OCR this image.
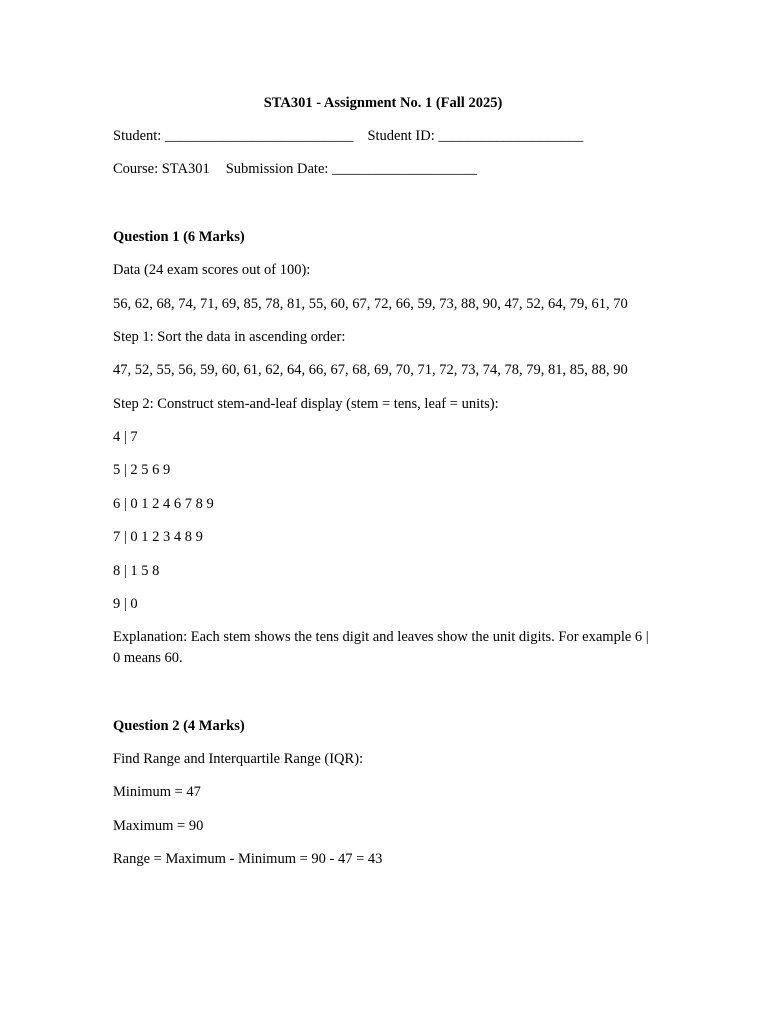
STA301 - Assignment No. 1 (Fall 2025)
Student: __________________________ Student ID: ____________________
Course: STA301 Submission Date: ____________________
Question 1 (6 Marks)
Data (24 exam scores out of 100):
56, 62, 68, 74, 71, 69, 85, 78, 81, 55, 60, 67, 72, 66, 59, 73, 88, 90, 47, 52, 64, 79, 61, 70
Step 1: Sort the data in ascending order:
47, 52, 55, 56, 59, 60, 61, 62, 64, 66, 67, 68, 69, 70, 71, 72, 73, 74, 78, 79, 81, 85, 88, 90
Step 2: Construct stem-and-leaf display (stem = tens, leaf = units):
4 | 7
5 | 2 5 6 9
6 | 0 1 2 4 6 7 8 9
7 | 0 1 2 3 4 8 9
8 | 1 5 8
9 | 0
Explanation: Each stem shows the tens digit and leaves show the unit digits. For example 6 | 0 means 60.
Question 2 (4 Marks)
Find Range and Interquartile Range (IQR):
Minimum = 47
Maximum = 90
Range = Maximum - Minimum = 90 - 47 = 43
